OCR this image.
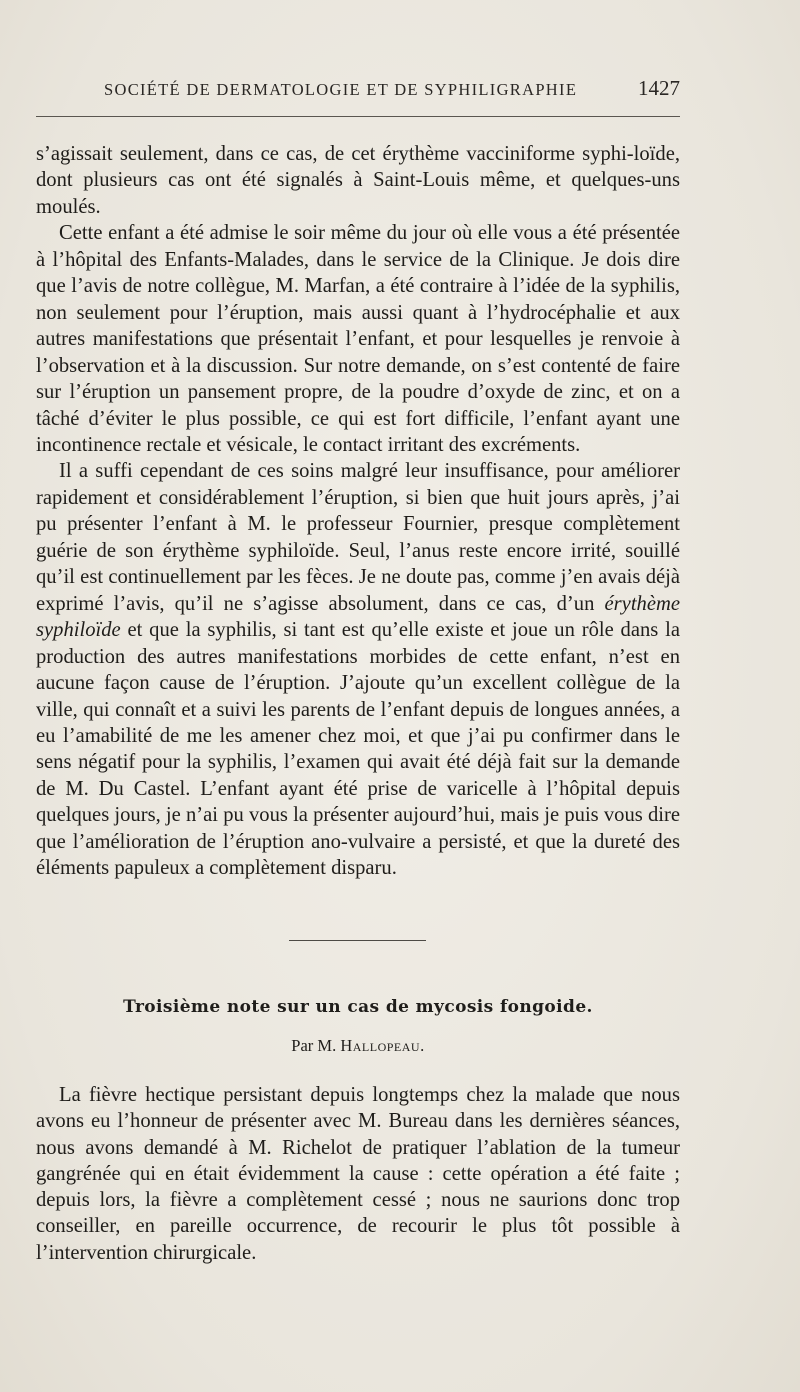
SOCIÉTÉ DE DERMATOLOGIE ET DE SYPHILIGRAPHIE	1427

s’agissait seulement, dans ce cas, de cet érythème vacciniforme syphi-loïde, dont plusieurs cas ont été signalés à Saint-Louis même, et quelques-uns moulés.

Cette enfant a été admise le soir même du jour où elle vous a été présentée à l’hôpital des Enfants-Malades, dans le service de la Clinique. Je dois dire que l’avis de notre collègue, M. Marfan, a été contraire à l’idée de la syphilis, non seulement pour l’éruption, mais aussi quant à l’hydrocéphalie et aux autres manifestations que présentait l’enfant, et pour lesquelles je renvoie à l’observation et à la discussion. Sur notre demande, on s’est contenté de faire sur l’éruption un pansement propre, de la poudre d’oxyde de zinc, et on a tâché d’éviter le plus possible, ce qui est fort difficile, l’enfant ayant une incontinence rectale et vésicale, le contact irritant des excréments.

Il a suffi cependant de ces soins malgré leur insuffisance, pour améliorer rapidement et considérablement l’éruption, si bien que huit jours après, j’ai pu présenter l’enfant à M. le professeur Fournier, presque complètement guérie de son érythème syphiloïde. Seul, l’anus reste encore irrité, souillé qu’il est continuellement par les fèces. Je ne doute pas, comme j’en avais déjà exprimé l’avis, qu’il ne s’agisse absolument, dans ce cas, d’un érythème syphiloïde et que la syphilis, si tant est qu’elle existe et joue un rôle dans la production des autres manifestations morbides de cette enfant, n’est en aucune façon cause de l’éruption. J’ajoute qu’un excellent collègue de la ville, qui connaît et a suivi les parents de l’enfant depuis de longues années, a eu l’amabilité de me les amener chez moi, et que j’ai pu confirmer dans le sens négatif pour la syphilis, l’examen qui avait été déjà fait sur la demande de M. Du Castel. L’enfant ayant été prise de varicelle à l’hôpital depuis quelques jours, je n’ai pu vous la présenter aujourd’hui, mais je puis vous dire que l’amélioration de l’éruption ano-vulvaire a persisté, et que la dureté des éléments papuleux a complètement disparu.

Troisième note sur un cas de mycosis fongoide.
Par M. Hallopeau.

La fièvre hectique persistant depuis longtemps chez la malade que nous avons eu l’honneur de présenter avec M. Bureau dans les dernières séances, nous avons demandé à M. Richelot de pratiquer l’ablation de la tumeur gangrénée qui en était évidemment la cause : cette opération a été faite ; depuis lors, la fièvre a complètement cessé ; nous ne saurions donc trop conseiller, en pareille occurrence, de recourir le plus tôt possible à l’intervention chirurgicale.
